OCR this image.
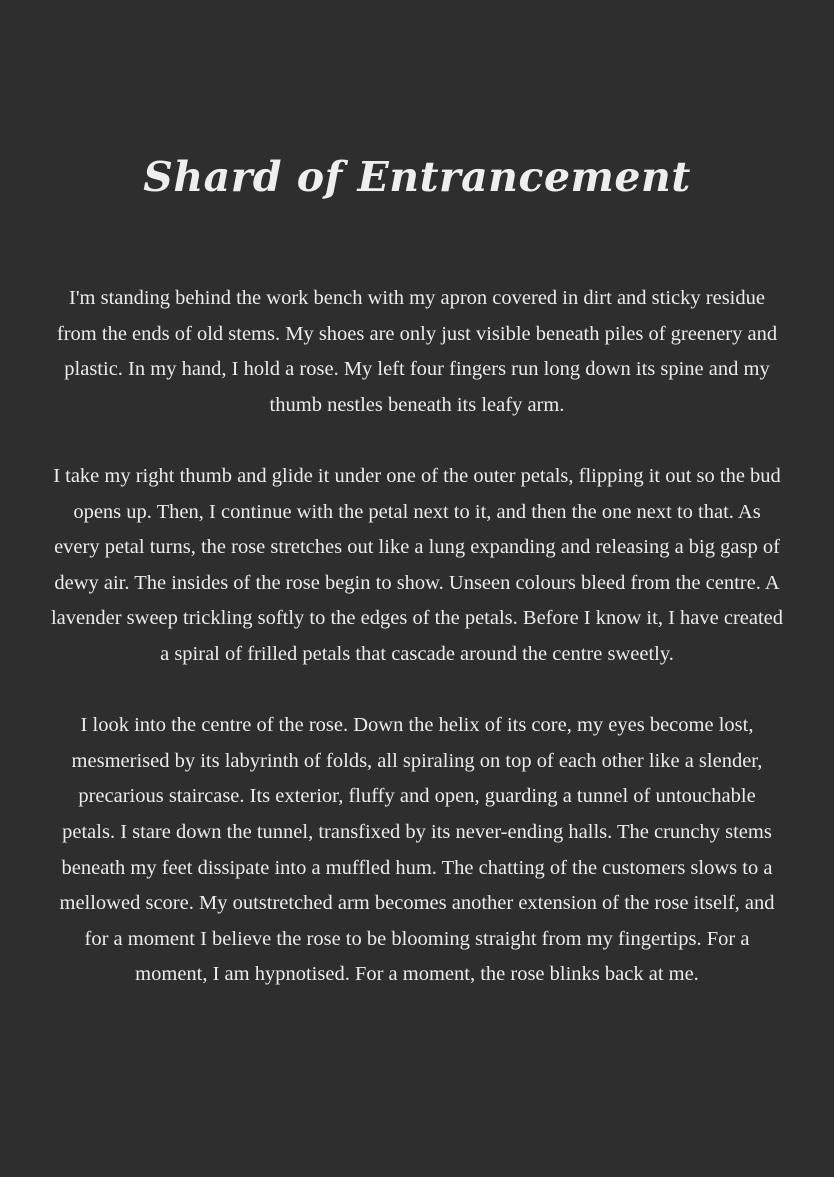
Shard of Entrancement

I'm standing behind the work bench with my apron covered in dirt and sticky residue from the ends of old stems. My shoes are only just visible beneath piles of greenery and plastic. In my hand, I hold a rose. My left four fingers run long down its spine and my thumb nestles beneath its leafy arm.

I take my right thumb and glide it under one of the outer petals, flipping it out so the bud opens up. Then, I continue with the petal next to it, and then the one next to that. As every petal turns, the rose stretches out like a lung expanding and releasing a big gasp of dewy air. The insides of the rose begin to show. Unseen colours bleed from the centre. A lavender sweep trickling softly to the edges of the petals. Before I know it, I have created a spiral of frilled petals that cascade around the centre sweetly.

I look into the centre of the rose. Down the helix of its core, my eyes become lost, mesmerised by its labyrinth of folds, all spiraling on top of each other like a slender, precarious staircase. Its exterior, fluffy and open, guarding a tunnel of untouchable petals. I stare down the tunnel, transfixed by its never-ending halls. The crunchy stems beneath my feet dissipate into a muffled hum. The chatting of the customers slows to a mellowed score. My outstretched arm becomes another extension of the rose itself, and for a moment I believe the rose to be blooming straight from my fingertips. For a moment, I am hypnotised. For a moment, the rose blinks back at me.
